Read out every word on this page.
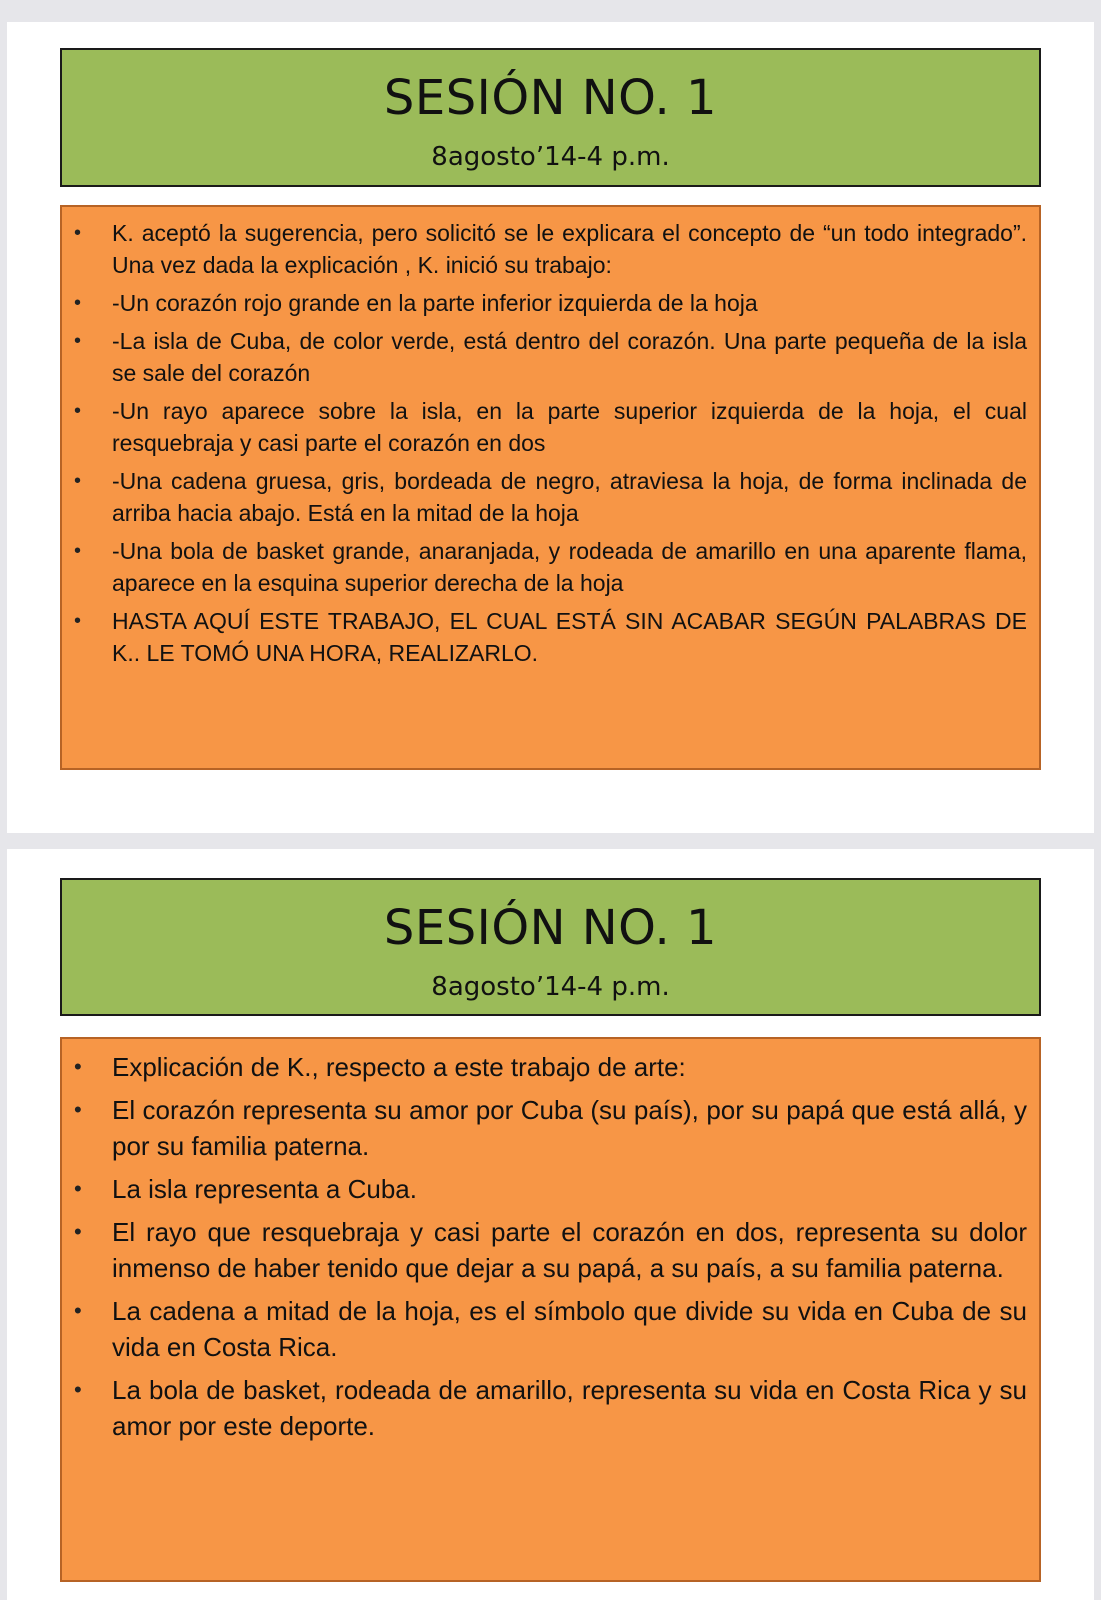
SESIÓN NO. 1
8agosto’14-4 p.m.
• K. aceptó la sugerencia, pero solicitó se le explicara el concepto de “un todo integrado”. Una vez dada la explicación , K. inició su trabajo:
• -Un corazón rojo grande en la parte inferior izquierda de la hoja
• -La isla de Cuba, de color verde, está dentro del corazón. Una parte pequeña de la isla se sale del corazón
• -Un rayo aparece sobre la isla, en la parte superior izquierda de la hoja, el cual resquebraja y casi parte el corazón en dos
• -Una cadena gruesa, gris, bordeada de negro, atraviesa la hoja, de forma inclinada de arriba hacia abajo. Está en la mitad de la hoja
• -Una bola de basket grande, anaranjada, y rodeada de amarillo en una aparente flama, aparece en la esquina superior derecha de la hoja
• HASTA AQUÍ ESTE TRABAJO, EL CUAL ESTÁ SIN ACABAR SEGÚN PALABRAS DE K.. LE TOMÓ UNA HORA, REALIZARLO.
SESIÓN NO. 1
8agosto’14-4 p.m.
• Explicación de K., respecto a este trabajo de arte:
• El corazón representa su amor por Cuba (su país), por su papá que está allá, y por su familia paterna.
• La isla representa a Cuba.
• El rayo que resquebraja y casi parte el corazón en dos, representa su dolor inmenso de haber tenido que dejar a su papá, a su país, a su familia paterna.
• La cadena a mitad de la hoja, es el símbolo que divide su vida en Cuba de su vida en Costa Rica.
• La bola de basket, rodeada de amarillo, representa su vida en Costa Rica y su amor por este deporte.
